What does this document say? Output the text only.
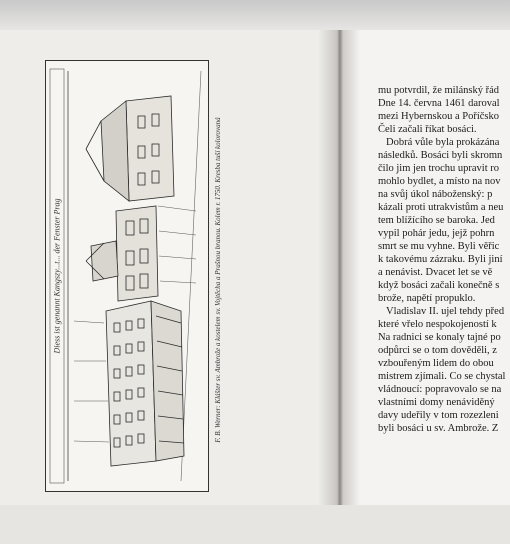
Diess ist genannt Kangszy...t... der Fenster Prag	F. B. Werner: Klášter sv. Ambrože a kostelem sv. Vojtěcha a Prašnou branou. Kolem r. 1750. Kresba tuší kolorovaná
mu potvrdil, že milánský řád
Dne 14. června 1461 daroval
mezi Hybernskou a Poříčsko
Čeli začali říkat bosáci.
Dobrá vůle byla prokázána
následků. Bosáci byli skromn
čilo jim jen trochu upravit ro
mohlo bydlet, a místo na nov
na svůj úkol náboženský: p
kázali proti utrakvistům a neu
tem blížícího se baroka. Jed
vypil pohár jedu, jejž pohrn
smrt se mu vyhne. Byli věřic
k takovému zázraku. Byli jiní
a nenávist. Dvacet let se vě
když bosáci začali konečně s
brože, napětí propuklo.
Vladislav II. ujel tehdy před
které vřelo nespokojeností k
Na radnici se konaly tajné po
odpůrci se o tom dověděli, z
vzbouřeným lidem do obou
mistrem zjímali. Co se chystal
vládnoucí: popravovalo se na
vlastními domy nenáviděný
davy udeřily v tom rozezleni
byli bosáci u sv. Ambrože. Z
